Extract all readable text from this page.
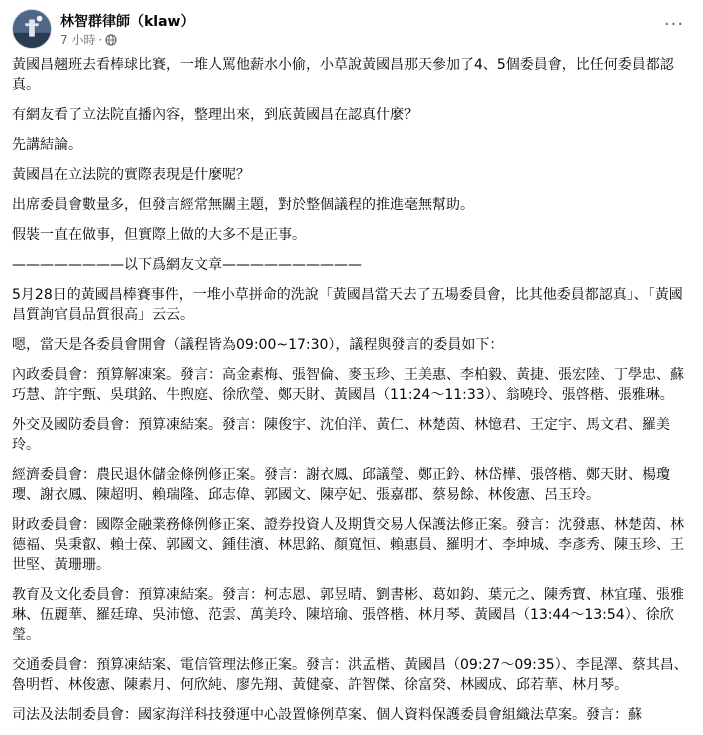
林智群律師（klaw）
7 小時 ·
···

黃國昌翹班去看棒球比賽，一堆人罵他薪水小偷，小草說黃國昌那天參加了4、5個委員會，比任何委員都認真。

有網友看了立法院直播內容，整理出來，到底黃國昌在認真什麼？

先講結論。

黃國昌在立法院的實際表現是什麼呢？

出席委員會數量多，但發言經常無關主題，對於整個議程的推進毫無幫助。

假裝一直在做事，但實際上做的大多不是正事。

————————以下爲網友文章——————————

5月28日的黃國昌棒賽事件，一堆小草拼命的洗說「黃國昌當天去了五場委員會，比其他委員都認真」、「黃國昌質詢官員品質很高」云云。

嗯，當天是各委員會開會（議程皆為09:00~17:30），議程與發言的委員如下：

內政委員會：預算解凍案。發言：高金素梅、張智倫、麥玉珍、王美惠、李柏毅、黃捷、張宏陸、丁學忠、蘇巧慧、許宇甄、吳琪銘、牛煦庭、徐欣瑩、鄭天財、黃國昌（11:24～11:33）、翁曉玲、張啓楷、張雅琳。

外交及國防委員會：預算凍結案。發言：陳俊宇、沈伯洋、黃仁、林楚茵、林憶君、王定宇、馬文君、羅美玲。

經濟委員會：農民退休儲金條例修正案。發言：謝衣鳳、邱議瑩、鄭正鈐、林岱樺、張啓楷、鄭天財、楊瓊瓔、謝衣鳳、陳超明、賴瑞隆、邱志偉、郭國文、陳亭妃、張嘉郡、蔡易餘、林俊憲、呂玉玲。

財政委員會：國際金融業務條例修正案、證券投資人及期貨交易人保護法修正案。發言：沈發惠、林楚茵、林德福、吳秉叡、賴士葆、郭國文、鍾佳濱、林思銘、顏寬恒、賴惠員、羅明才、李坤城、李彥秀、陳玉珍、王世堅、黃珊珊。

教育及文化委員會：預算凍結案。發言：柯志恩、郭昱晴、劉書彬、葛如鈞、葉元之、陳秀寶、林宜瑾、張雅琳、伍麗華、羅廷瑋、吳沛憶、范雲、萬美玲、陳培瑜、張啓楷、林月琴、黃國昌（13:44～13:54）、徐欣瑩。

交通委員會：預算凍結案、電信管理法修正案。發言：洪孟楷、黃國昌（09:27～09:35）、李昆澤、蔡其昌、魯明哲、林俊憲、陳素月、何欣純、廖先翔、黃健豪、許智傑、徐富癸、林國成、邱若華、林月琴。

司法及法制委員會：國家海洋科技發運中心設置條例草案、個人資料保護委員會組織法草案。發言：蘇
